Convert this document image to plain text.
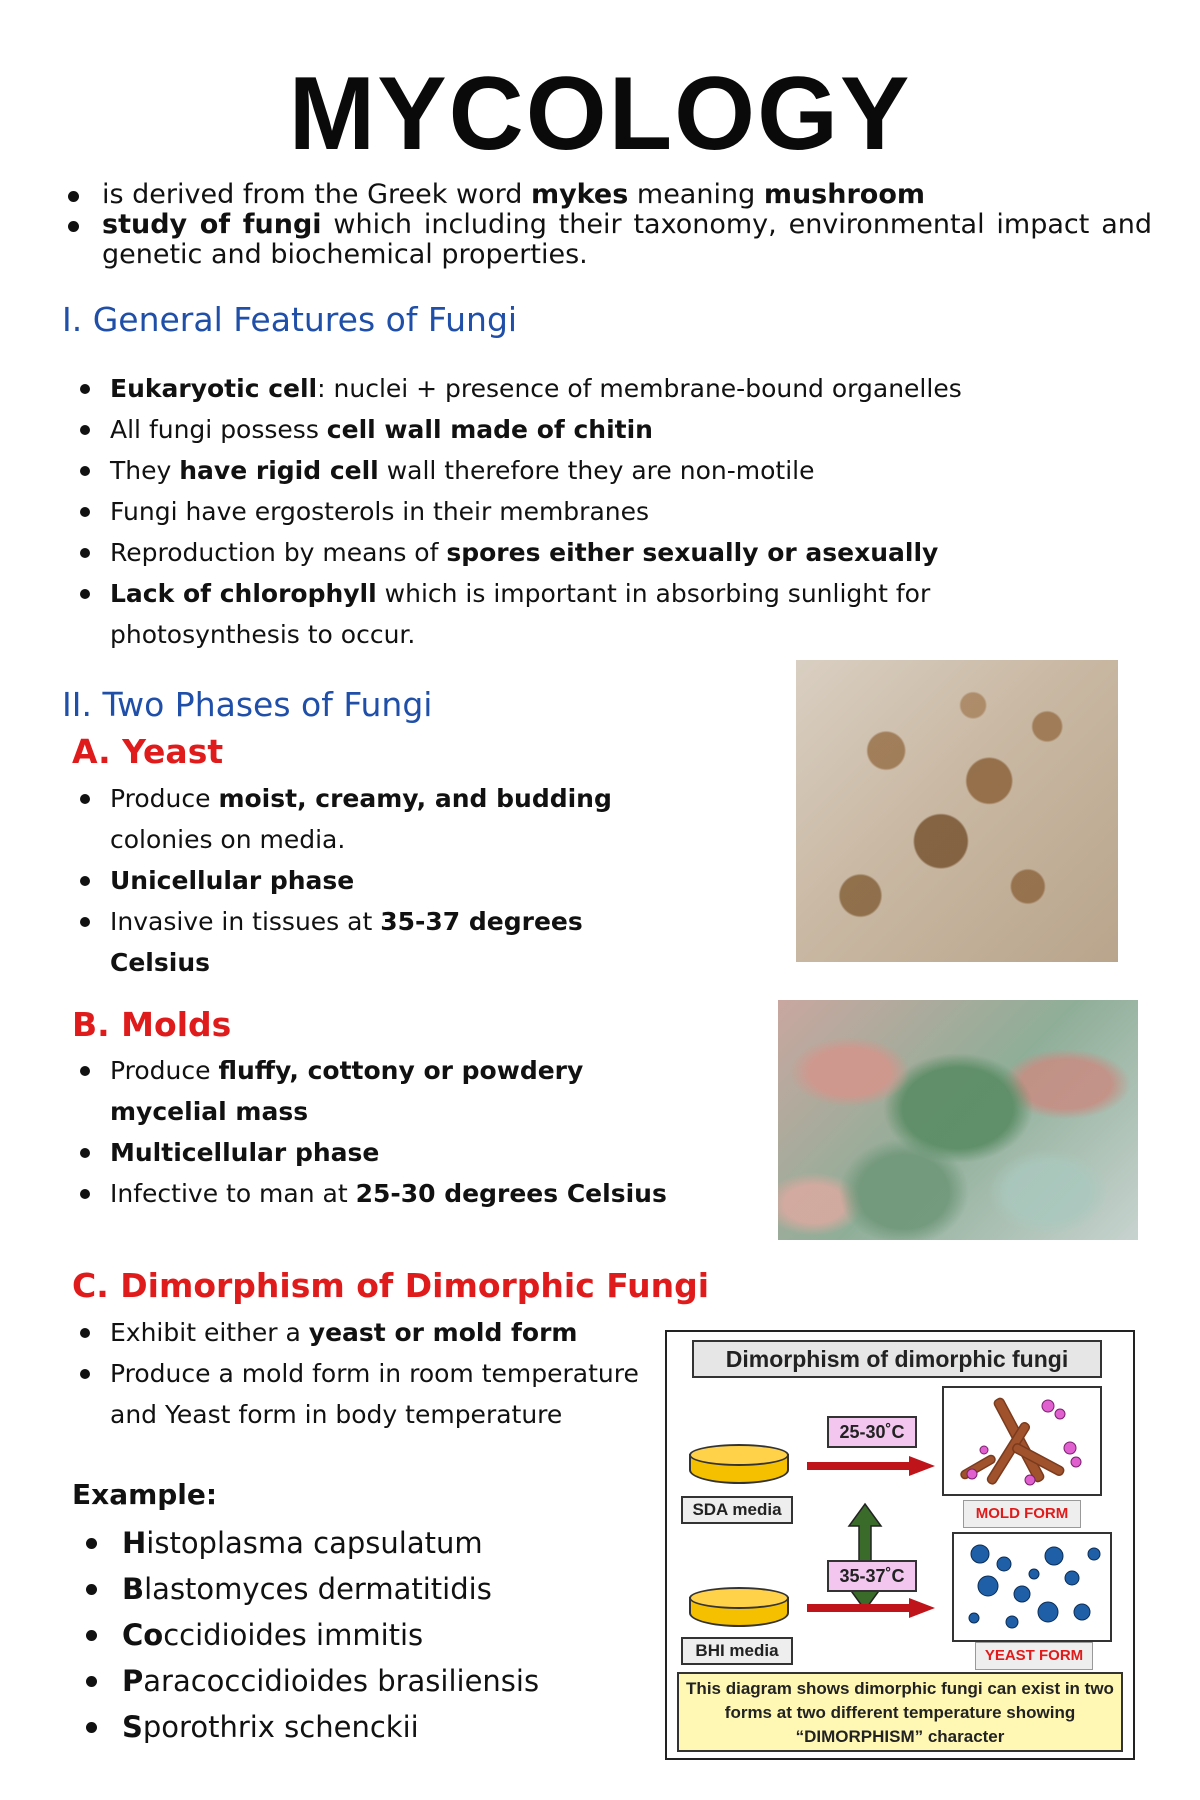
MYCOLOGY
is derived from the Greek word mykes meaning mushroom
study of fungi which including their taxonomy, environmental impact and genetic and biochemical properties.
I. General Features of Fungi
Eukaryotic cell: nuclei + presence of membrane-bound organelles
All fungi possess cell wall made of chitin
They have rigid cell wall therefore they are non-motile
Fungi have ergosterols in their membranes
Reproduction by means of spores either sexually or asexually
Lack of chlorophyll which is important in absorbing sunlight for photosynthesis to occur.
II. Two Phases of Fungi
A. Yeast
Produce moist, creamy, and budding colonies on media.
Unicellular phase
Invasive in tissues at 35-37 degrees Celsius
B. Molds
Produce fluffy, cottony or powdery mycelial mass
Multicellular phase
Infective to man at 25-30 degrees Celsius
C. Dimorphism of Dimorphic Fungi
Exhibit either a yeast or mold form
Produce a mold form in room temperature and Yeast form in body temperature
Example:
Histoplasma capsulatum
Blastomyces dermatitidis
Coccidioides immitis
Paracoccidioides brasiliensis
Sporothrix schenckii
Dimorphism of dimorphic fungi
SDA media
25-30˚C
MOLD FORM
BHI media
35-37˚C
YEAST FORM
This diagram shows dimorphic fungi can exist in two forms at two different temperature showing “DIMORPHISM” character
